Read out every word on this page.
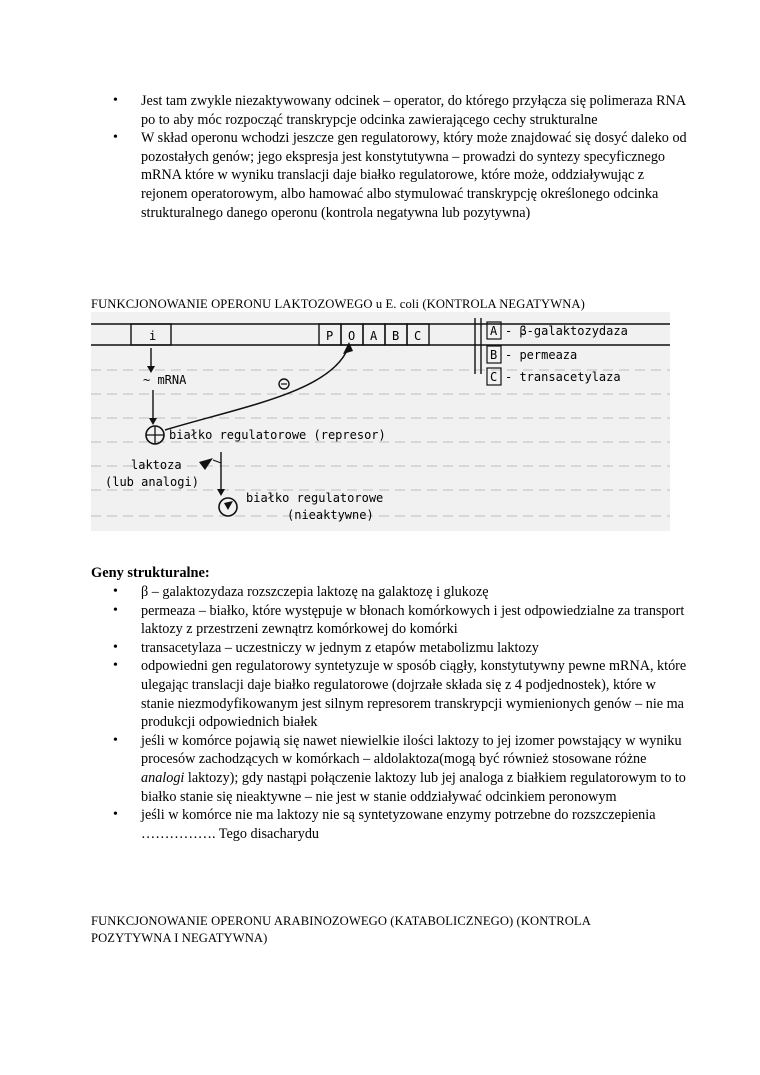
• Jest tam zwykle niezaktywowany odcinek – operator, do którego przyłącza się polimeraza RNA po to aby móc rozpocząć transkrypcje odcinka zawierającego cechy strukturalne
• W skład operonu wchodzi jeszcze gen regulatorowy, który może znajdować się dosyć daleko od pozostałych genów; jego ekspresja jest konstytutywna – prowadzi do syntezy specyficznego mRNA które w wyniku translacji daje białko regulatorowe, które może, oddziaływując z rejonem operatorowym, albo hamować albo stymulować transkrypcję określonego odcinka strukturalnego danego operonu (kontrola negatywna lub pozytywna)
FUNKCJONOWANIE OPERONU LAKTOZOWEGO u E. coli (KONTROLA NEGATYWNA)
i	P O A B C	A - β-galaktozydaza
B - permeaza
C - transacetylaza
~ mRNA
białko regulatorowe (represor)
laktoza
(lub analogi)
białko regulatorowe
(nieaktywne)
Geny strukturalne:
• β – galaktozydaza rozszczepia laktozę na galaktozę i glukozę
• permeaza – białko, które występuje w błonach komórkowych i jest odpowiedzialne za transport laktozy z przestrzeni zewnątrz komórkowej do komórki
• transacetylaza – uczestniczy w jednym z etapów metabolizmu laktozy
• odpowiedni gen regulatorowy syntetyzuje w sposób ciągły, konstytutywny pewne mRNA, które ulegając translacji daje białko regulatorowe (dojrzałe składa się z 4 podjednostek), które w stanie niezmodyfikowanym jest silnym represorem transkrypcji wymienionych genów – nie ma produkcji odpowiednich białek
• jeśli w komórce pojawią się nawet niewielkie ilości laktozy to jej izomer powstający w wyniku procesów zachodzących w komórkach – aldolaktoza(mogą być również stosowane różne analogi laktozy); gdy nastąpi połączenie laktozy lub jej analoga z białkiem regulatorowym to to białko stanie się nieaktywne – nie jest w stanie oddziaływać odcinkiem peronowym
• jeśli w komórce nie ma laktozy nie są syntetyzowane enzymy potrzebne do rozszczepienia ……………. Tego disacharydu
FUNKCJONOWANIE OPERONU ARABINOZOWEGO (KATABOLICZNEGO) (KONTROLA POZYTYWNA I NEGATYWNA)
